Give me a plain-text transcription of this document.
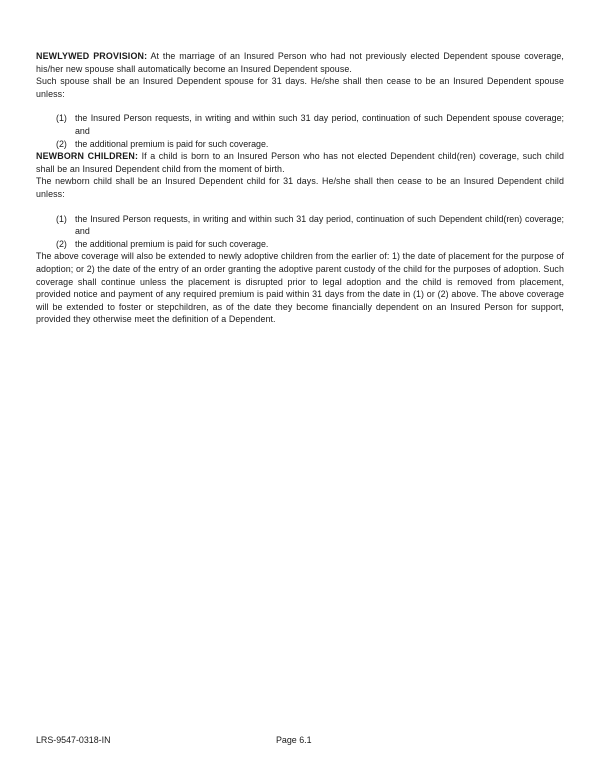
NEWLYWED PROVISION: At the marriage of an Insured Person who had not previously elected Dependent spouse coverage, his/her new spouse shall automatically become an Insured Dependent spouse.

Such spouse shall be an Insured Dependent spouse for 31 days. He/she shall then cease to be an Insured Dependent spouse unless:

(1) the Insured Person requests, in writing and within such 31 day period, continuation of such Dependent spouse coverage; and
(2) the additional premium is paid for such coverage.

NEWBORN CHILDREN: If a child is born to an Insured Person who has not elected Dependent child(ren) coverage, such child shall be an Insured Dependent child from the moment of birth.

The newborn child shall be an Insured Dependent child for 31 days. He/she shall then cease to be an Insured Dependent child unless:

(1) the Insured Person requests, in writing and within such 31 day period, continuation of such Dependent child(ren) coverage; and
(2) the additional premium is paid for such coverage.

The above coverage will also be extended to newly adoptive children from the earlier of: 1) the date of placement for the purpose of adoption; or 2) the date of the entry of an order granting the adoptive parent custody of the child for the purposes of adoption. Such coverage shall continue unless the placement is disrupted prior to legal adoption and the child is removed from placement, provided notice and payment of any required premium is paid within 31 days from the date in (1) or (2) above. The above coverage will be extended to foster or stepchildren, as of the date they become financially dependent on an Insured Person for support, provided they otherwise meet the definition of a Dependent.

LRS-9547-0318-IN	Page 6.1
